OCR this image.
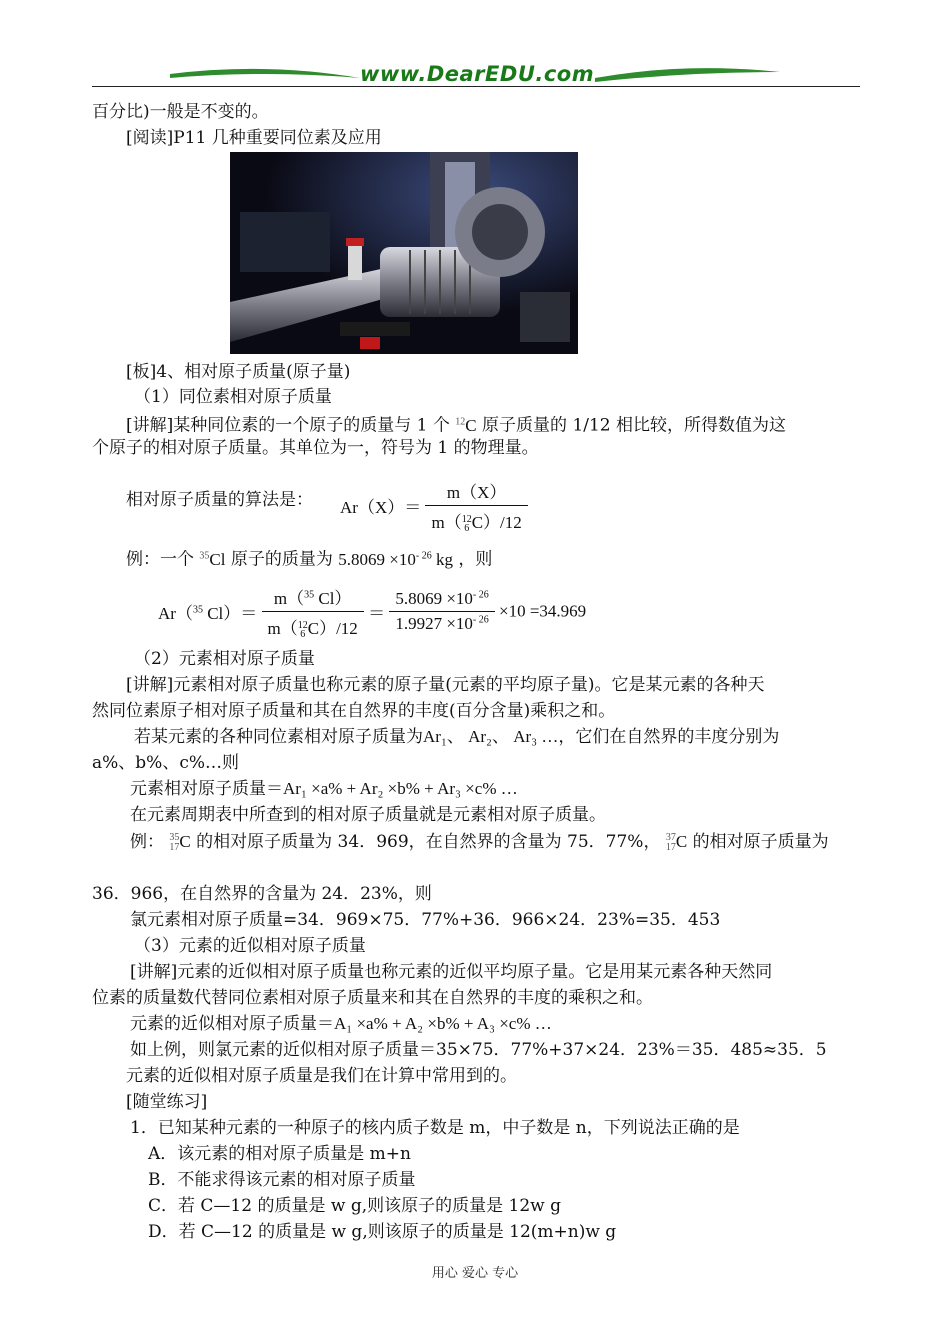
www.DearEDU.com
百分比)一般是不变的。
[阅读]P11 几种重要同位素及应用
[板]4、相对原子质量(原子量)
（1）同位素相对原子质量
[讲解]某种同位素的一个原子的质量与 1 个 $^{12}$C 原子质量的 1/12 相比较，所得数值为这
个原子的相对原子质量。其单位为一，符号为 1 的物理量。
相对原子质量的算法是： Ar（X）＝
m（X）
m（12
6 C）/12
例：一个 $^{35}$Cl 原子的质量为 $5.8069 \times 10^{- 26}$ kg ，则
Ar（$^{35}$ Cl）＝
m（$^{35}$ Cl）
m（12
6 C）/12
＝ $\frac{5.8069 \times 10^{- 26}}{1.9927 \times 10^{- 26}} \times 10 =34.969$
（2）元素相对原子质量
[讲解]元素相对原子质量也称元素的原子量(元素的平均原子量)。它是某元素的各种天
然同位素原子相对原子质量和其在自然界的丰度(百分含量)乘积之和。
若某元素的各种同位素相对原子质量为Ar₁、 Ar₂、 Ar₃ …，它们在自然界的丰度分别为
a%、b%、c%…则
元素相对原子质量＝Ar₁ ×a% + Ar₂ ×b% + Ar₃ ×c% …
在元素周期表中所查到的相对原子质量就是元素相对原子质量。
例： 35
17C 的相对原子质量为 34．969，在自然界的含量为 75．77%， 37
17C 的相对原子质量为
36．966，在自然界的含量为 24．23%，则
氯元素相对原子质量=34．969×75．77%+36．966×24．23%=35．453
（3）元素的近似相对原子质量
[讲解]元素的近似相对原子质量也称元素的近似平均原子量。它是用某元素各种天然同
位素的质量数代替同位素相对原子质量来和其在自然界的丰度的乘积之和。
元素的近似相对原子质量＝A₁ ×a% + A₂ ×b% + A₃ ×c% …
如上例，则氯元素的近似相对原子质量＝35×75．77%+37×24．23%＝35．485≈35．5
元素的近似相对原子质量是我们在计算中常用到的。
[随堂练习]
1．已知某种元素的一种原子的核内质子数是 m，中子数是 n，下列说法正确的是
A．该元素的相对原子质量是 m+n
B．不能求得该元素的相对原子质量
C．若 C—12 的质量是 w g,则该原子的质量是 12w g
D．若 C—12 的质量是 w g,则该原子的质量是 12(m+n)w g
用心 爱心 专心
